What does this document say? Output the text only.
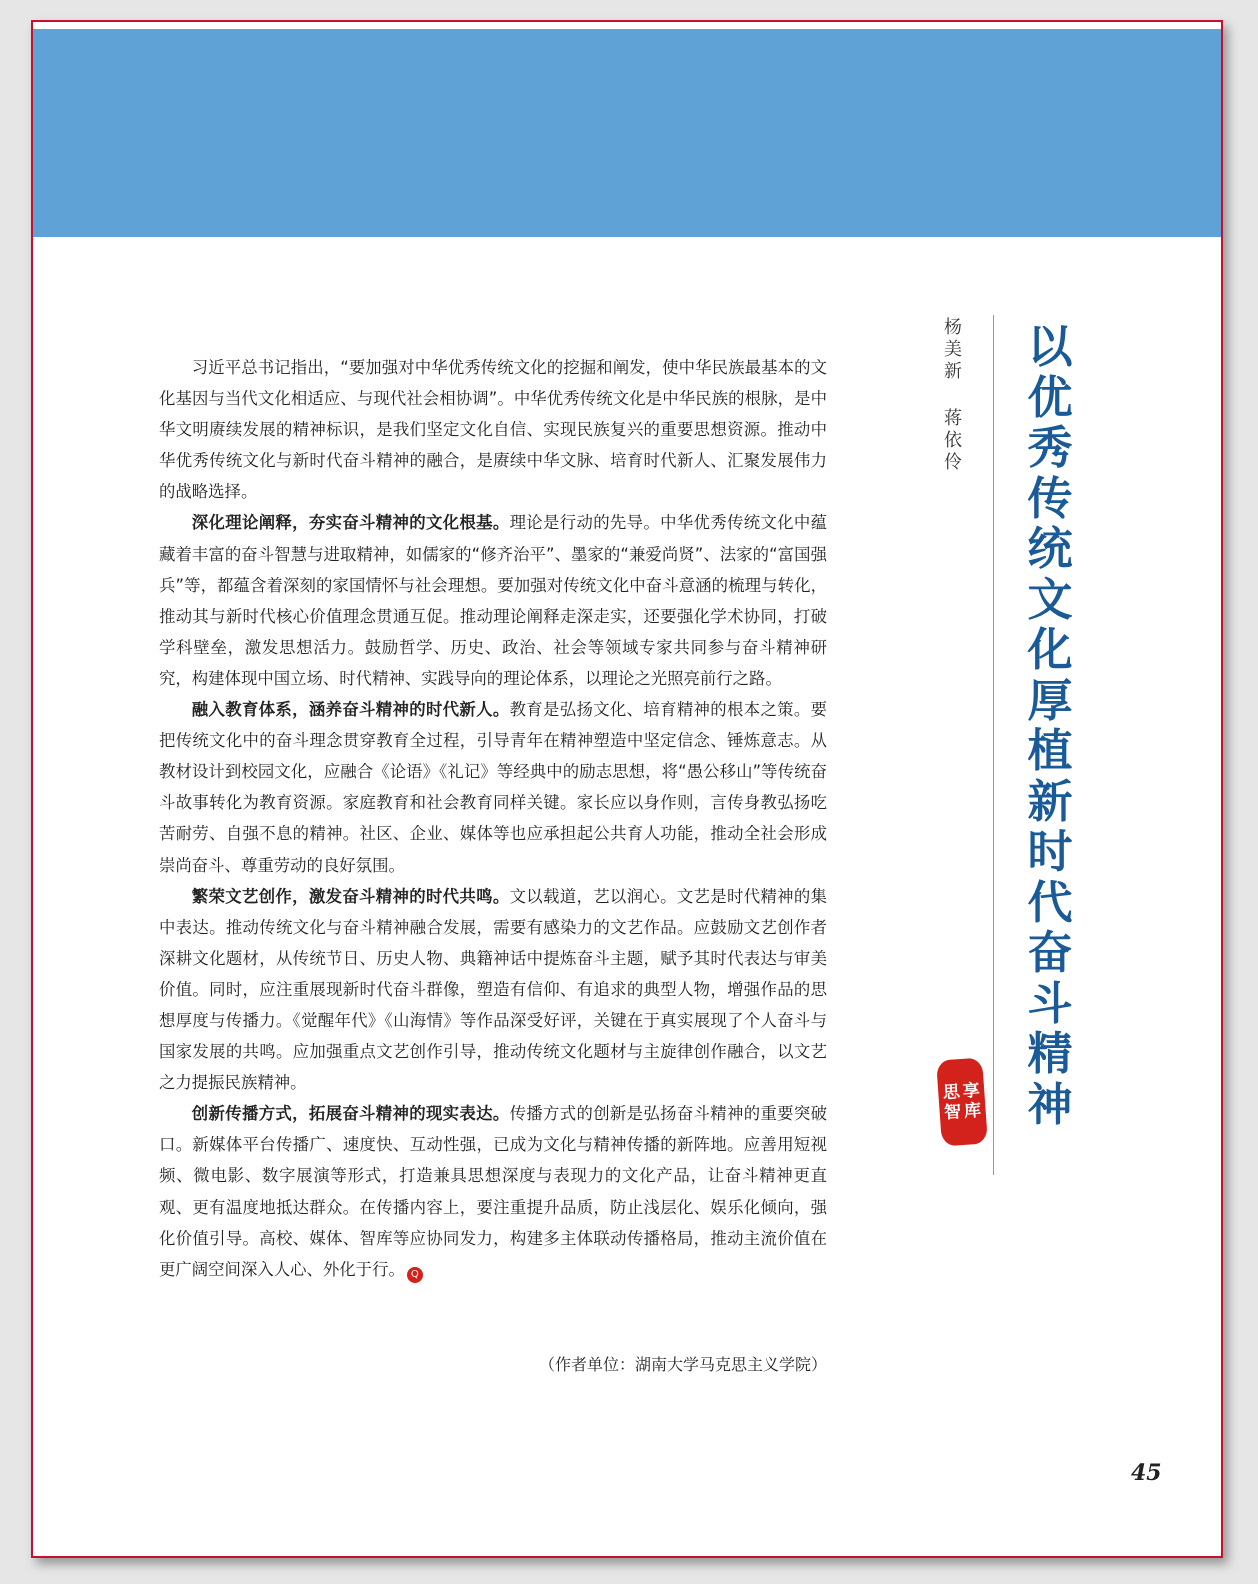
以优秀传统文化厚植新时代奋斗精神
杨美新
蒋依伶
思 享
智 库

习近平总书记指出，“要加强对中华优秀传统文化的挖掘和阐发，使中华民族最基本的文化基因与当代文化相适应、与现代社会相协调”。中华优秀传统文化是中华民族的根脉，是中华文明赓续发展的精神标识，是我们坚定文化自信、实现民族复兴的重要思想资源。推动中华优秀传统文化与新时代奋斗精神的融合，是赓续中华文脉、培育时代新人、汇聚发展伟力的战略选择。

深化理论阐释，夯实奋斗精神的文化根基。理论是行动的先导。中华优秀传统文化中蕴藏着丰富的奋斗智慧与进取精神，如儒家的“修齐治平”、墨家的“兼爱尚贤”、法家的“富国强兵”等，都蕴含着深刻的家国情怀与社会理想。要加强对传统文化中奋斗意涵的梳理与转化，推动其与新时代核心价值理念贯通互促。推动理论阐释走深走实，还要强化学术协同，打破学科壁垒，激发思想活力。鼓励哲学、历史、政治、社会等领域专家共同参与奋斗精神研究，构建体现中国立场、时代精神、实践导向的理论体系，以理论之光照亮前行之路。

融入教育体系，涵养奋斗精神的时代新人。教育是弘扬文化、培育精神的根本之策。要把传统文化中的奋斗理念贯穿教育全过程，引导青年在精神塑造中坚定信念、锤炼意志。从教材设计到校园文化，应融合《论语》《礼记》等经典中的励志思想，将“愚公移山”等传统奋斗故事转化为教育资源。家庭教育和社会教育同样关键。家长应以身作则，言传身教弘扬吃苦耐劳、自强不息的精神。社区、企业、媒体等也应承担起公共育人功能，推动全社会形成崇尚奋斗、尊重劳动的良好氛围。

繁荣文艺创作，激发奋斗精神的时代共鸣。文以载道，艺以润心。文艺是时代精神的集中表达。推动传统文化与奋斗精神融合发展，需要有感染力的文艺作品。应鼓励文艺创作者深耕文化题材，从传统节日、历史人物、典籍神话中提炼奋斗主题，赋予其时代表达与审美价值。同时，应注重展现新时代奋斗群像，塑造有信仰、有追求的典型人物，增强作品的思想厚度与传播力。《觉醒年代》《山海情》等作品深受好评，关键在于真实展现了个人奋斗与国家发展的共鸣。应加强重点文艺创作引导，推动传统文化题材与主旋律创作融合，以文艺之力提振民族精神。

创新传播方式，拓展奋斗精神的现实表达。传播方式的创新是弘扬奋斗精神的重要突破口。新媒体平台传播广、速度快、互动性强，已成为文化与精神传播的新阵地。应善用短视频、微电影、数字展演等形式，打造兼具思想深度与表现力的文化产品，让奋斗精神更直观、更有温度地抵达群众。在传播内容上，要注重提升品质，防止浅层化、娱乐化倾向，强化价值引导。高校、媒体、智库等应协同发力，构建多主体联动传播格局，推动主流价值在更广阔空间深入人心、外化于行。 Q

（作者单位：湖南大学马克思主义学院）
45
